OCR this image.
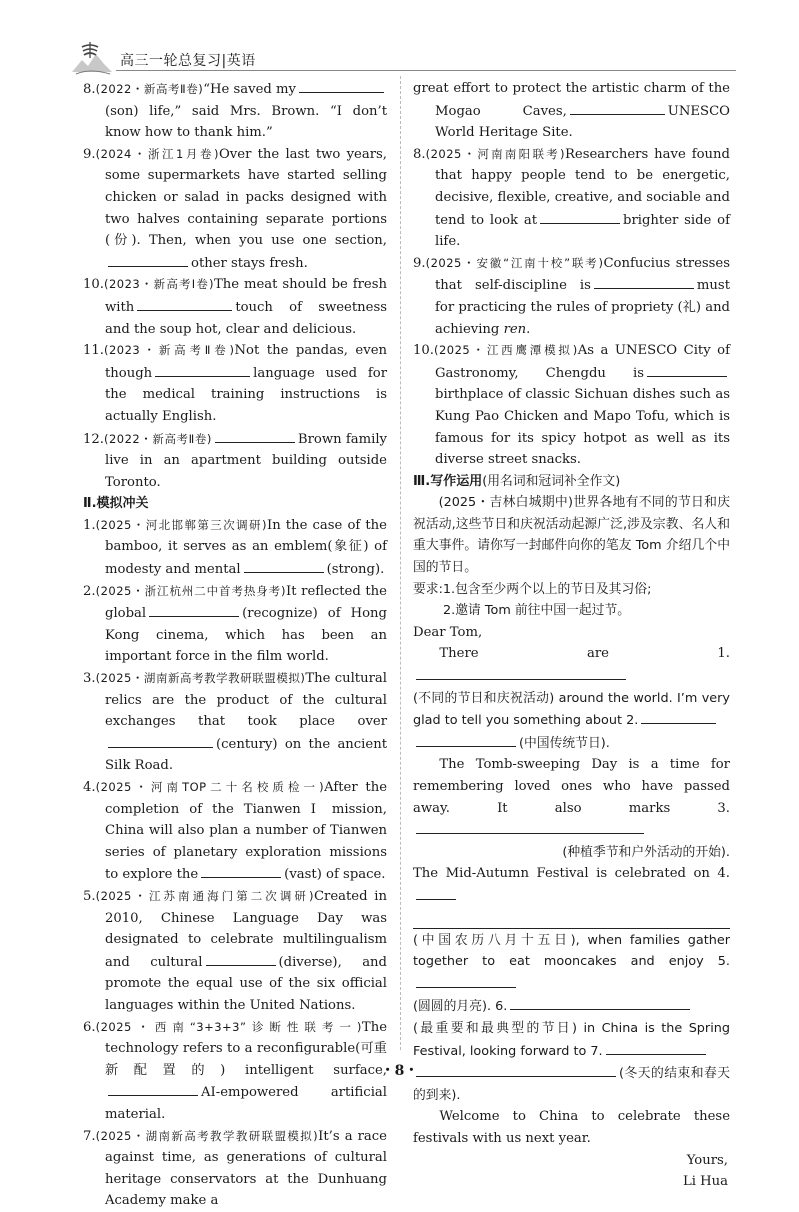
高三一轮总复习|英语
8.(2022・新高考Ⅱ卷)“He saved my(son) life,” said Mrs. Brown. “I don’t know how to thank him.”
9.(2024・浙江1月卷)Over the last two years, some supermarkets have started selling chicken or salad in packs designed with two halves containing separate portions (份). Then, when you use one section,other stays fresh.
10.(2023・新高考Ⅰ卷)The meat should be fresh with	touch of sweetness and the soup hot, clear and delicious.
11.(2023・新高考Ⅱ卷)Not the pandas, even though	language used for the medical training instructions is actually English.
12.(2022・新高考Ⅱ卷)	Brown family live in an apartment building outside Toronto.
Ⅱ.模拟冲关
1.(2025・河北邯郸第三次调研)In the case of the bamboo, it serves as an emblem(象征) of modesty and mental	(strong).
2.(2025・浙江杭州二中首考热身考)It reflected the global	(recognize) of Hong Kong cinema, which has been an important force in the film world.
3.(2025・湖南新高考教学教研联盟模拟)The cultural relics are the product of the cultural exchanges that took place over(century) on the ancient Silk Road.
4.(2025・河南TOP二十名校质检一)After the completion of the Tianwen Ⅰ mission, China will also plan a number of Tianwen series of planetary exploration missions to explore the	(vast) of space.
5.(2025・江苏南通海门第二次调研)Created in 2010, Chinese Language Day was designated to celebrate multilingualism and cultural	(diverse), and promote the equal use of the six official languages within the United Nations.
6.(2025・西南“3+3+3”诊断性联考一)The technology refers to a reconfigurable(可重新配置的) intelligent surface,AI-empowered artificial material.
7.(2025・湖南新高考教学教研联盟模拟)It’s a race against time, as generations of cultural heritage conservators at the Dunhuang Academy make a
great effort to protect the artistic charm of the Mogao Caves,	UNESCO World Heritage Site.
8.(2025・河南南阳联考)Researchers have found that happy people tend to be energetic, decisive, flexible, creative, and sociable and tend to look at	brighter side of life.
9.(2025・安徽“江南十校”联考)Confucius stresses that self-discipline is	must for practicing the rules of propriety (礼) and achieving ren.
10.(2025・江西鹰潭模拟)As a UNESCO City of Gastronomy, Chengdu isbirthplace of classic Sichuan dishes such as Kung Pao Chicken and Mapo Tofu, which is famous for its spicy hotpot as well as its diverse street snacks.
Ⅲ.写作运用(用名词和冠词补全作文)
(2025・吉林白城期中)世界各地有不同的节日和庆祝活动,这些节日和庆祝活动起源广泛,涉及宗教、名人和重大事件。请你写一封邮件向你的笔友 Tom 介绍几个中国的节日。
要求:1.包含至少两个以上的节日及其习俗;
2.邀请 Tom 前往中国一起过节。
Dear Tom,
There are 1.
(不同的节日和庆祝活动) around the world. I’m very glad to tell you something about 2.
(中国传统节日).
The Tomb-sweeping Day is a time for remembering loved ones who have passed away. It also marks 3.
(种植季节和户外活动的开始).
The Mid-Autumn Festival is celebrated on 4.
(中国农历八月十五日), when families gather together to eat mooncakes and enjoy 5.
(圆圆的月亮). 6.
(最重要和最典型的节日) in China is the Spring Festival, looking forward to 7.
(冬天的结束和春天的到来).
Welcome to China to celebrate these festivals with us next year.
Yours,
Li Hua
・8・
